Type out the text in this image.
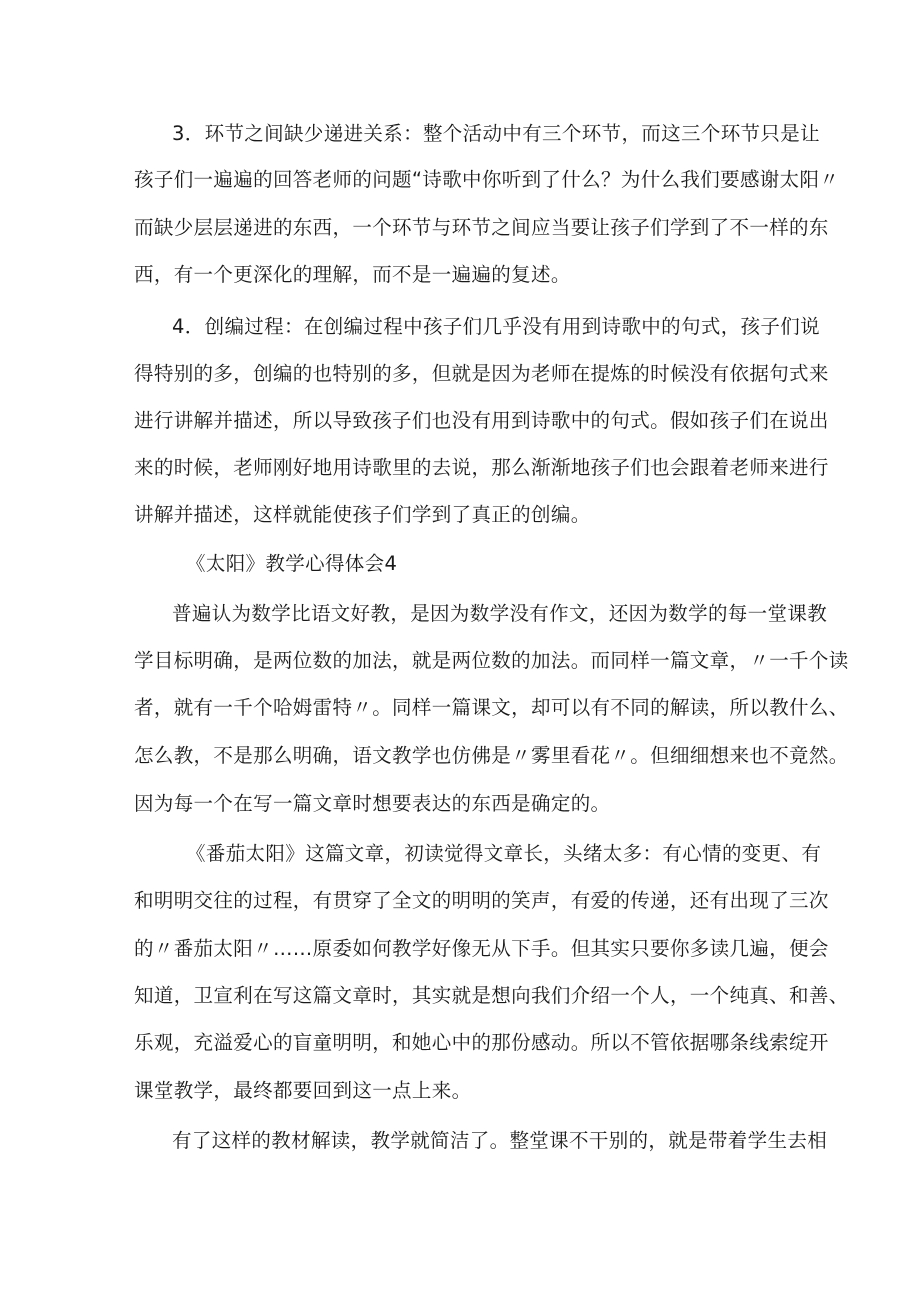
3．环节之间缺少递进关系：整个活动中有三个环节，而这三个环节只是让
孩子们一遍遍的回答老师的问题“诗歌中你听到了什么？为什么我们要感谢太阳〃
而缺少层层递进的东西，一个环节与环节之间应当要让孩子们学到了不一样的东
西，有一个更深化的理解，而不是一遍遍的复述。
4．创编过程：在创编过程中孩子们几乎没有用到诗歌中的句式，孩子们说
得特别的多，创编的也特别的多，但就是因为老师在提炼的时候没有依据句式来
进行讲解并描述，所以导致孩子们也没有用到诗歌中的句式。假如孩子们在说出
来的时候，老师刚好地用诗歌里的去说，那么渐渐地孩子们也会跟着老师来进行
讲解并描述，这样就能使孩子们学到了真正的创编。
《太阳》教学心得体会4
普遍认为数学比语文好教，是因为数学没有作文，还因为数学的每一堂课教
学目标明确，是两位数的加法，就是两位数的加法。而同样一篇文章，〃一千个读
者，就有一千个哈姆雷特〃。同样一篇课文，却可以有不同的解读，所以教什么、
怎么教，不是那么明确，语文教学也仿佛是〃雾里看花〃。但细细想来也不竟然。
因为每一个在写一篇文章时想要表达的东西是确定的。
《番茄太阳》这篇文章，初读觉得文章长，头绪太多：有心情的变更、有
和明明交往的过程，有贯穿了全文的明明的笑声，有爱的传递，还有出现了三次
的〃番茄太阳〃……原委如何教学好像无从下手。但其实只要你多读几遍，便会
知道，卫宣利在写这篇文章时，其实就是想向我们介绍一个人，一个纯真、和善、
乐观，充溢爱心的盲童明明，和她心中的那份感动。所以不管依据哪条线索绽开
课堂教学，最终都要回到这一点上来。
有了这样的教材解读，教学就简洁了。整堂课不干别的，就是带着学生去相
